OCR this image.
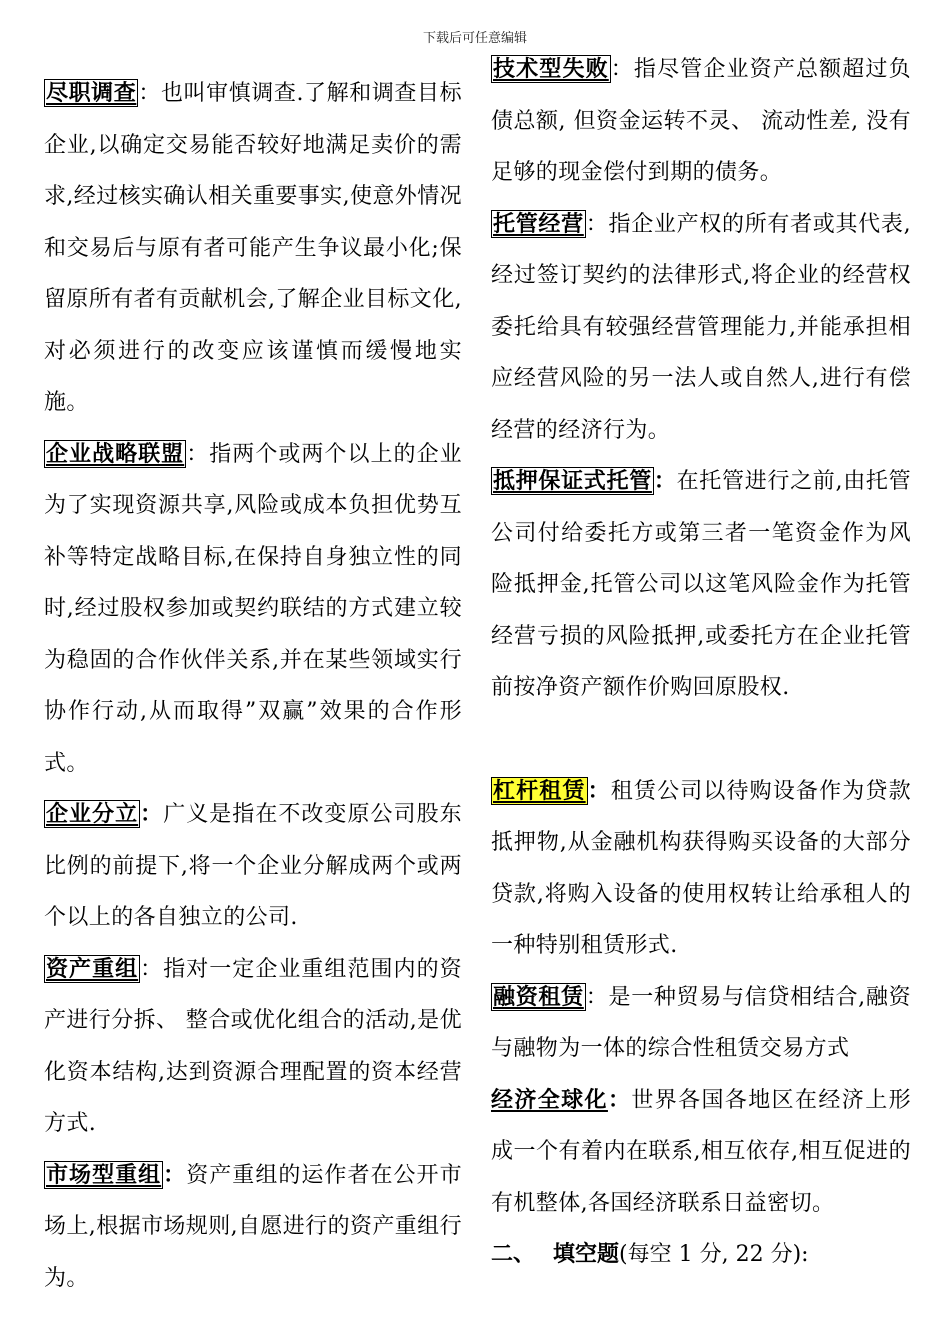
下载后可任意编辑

尽职调查：也叫审慎调查.了解和调查目标企业,以确定交易能否较好地满足卖价的需求,经过核实确认相关重要事实,使意外情况和交易后与原有者可能产生争议最小化;保留原所有者有贡献机会,了解企业目标文化,对必须进行的改变应该谨慎而缓慢地实施。

企业战略联盟：指两个或两个以上的企业为了实现资源共享,风险或成本负担优势互补等特定战略目标,在保持自身独立性的同时,经过股权参加或契约联结的方式建立较为稳固的合作伙伴关系,并在某些领域实行协作行动,从而取得”双赢”效果的合作形式。

企业分立：广义是指在不改变原公司股东比例的前提下,将一个企业分解成两个或两个以上的各自独立的公司.

资产重组：指对一定企业重组范围内的资产进行分拆、 整合或优化组合的活动,是优化资本结构,达到资源合理配置的资本经营方式.

市场型重组：资产重组的运作者在公开市场上,根据市场规则,自愿进行的资产重组行为。

技术型失败：指尽管企业资产总额超过负债总额, 但资金运转不灵、 流动性差, 没有足够的现金偿付到期的债务。

托管经营：指企业产权的所有者或其代表,经过签订契约的法律形式,将企业的经营权委托给具有较强经营管理能力,并能承担相应经营风险的另一法人或自然人,进行有偿经营的经济行为。

抵押保证式托管：在托管进行之前,由托管公司付给委托方或第三者一笔资金作为风险抵押金,托管公司以这笔风险金作为托管经营亏损的风险抵押,或委托方在企业托管前按净资产额作价购回原股权.

杠杆租赁：租赁公司以待购设备作为贷款抵押物,从金融机构获得购买设备的大部分贷款,将购入设备的使用权转让给承租人的一种特别租赁形式.

融资租赁：是一种贸易与信贷相结合,融资与融物为一体的综合性租赁交易方式

经济全球化：世界各国各地区在经济上形成一个有着内在联系,相互依存,相互促进的有机整体,各国经济联系日益密切。

二、 填空题(每空 1 分, 22 分):
